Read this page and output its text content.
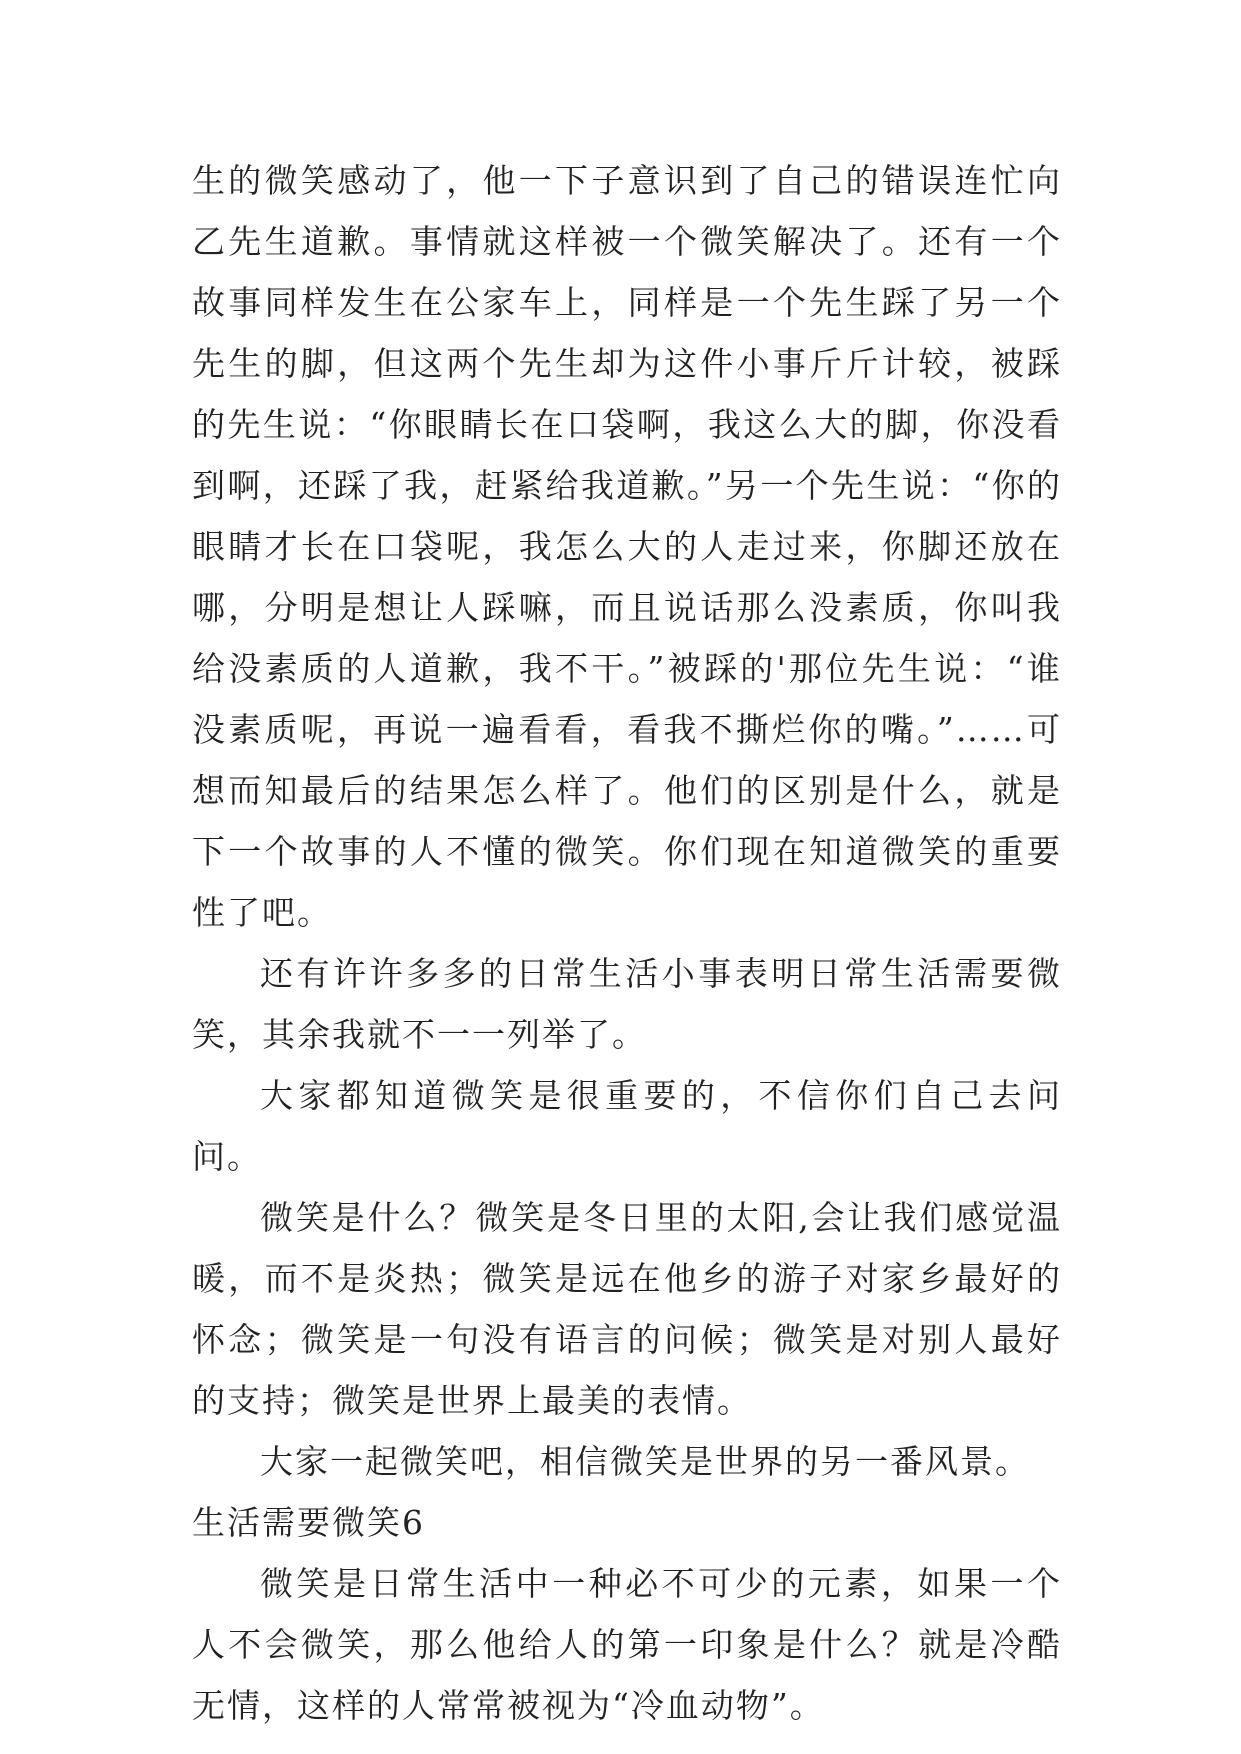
生的微笑感动了，他一下子意识到了自己的错误连忙向乙先生道歉。事情就这样被一个微笑解决了。还有一个故事同样发生在公家车上，同样是一个先生踩了另一个先生的脚，但这两个先生却为这件小事斤斤计较，被踩的先生说：“你眼睛长在口袋啊，我这么大的脚，你没看到啊，还踩了我，赶紧给我道歉。”另一个先生说：“你的眼睛才长在口袋呢，我怎么大的人走过来，你脚还放在哪，分明是想让人踩嘛，而且说话那么没素质，你叫我给没素质的人道歉，我不干。”被踩的'那位先生说：“谁没素质呢，再说一遍看看，看我不撕烂你的嘴。”……可想而知最后的结果怎么样了。他们的区别是什么，就是下一个故事的人不懂的微笑。你们现在知道微笑的重要性了吧。

还有许许多多的日常生活小事表明日常生活需要微笑，其余我就不一一列举了。

大家都知道微笑是很重要的，不信你们自己去问问。

微笑是什么？微笑是冬日里的太阳,会让我们感觉温暖，而不是炎热；微笑是远在他乡的游子对家乡最好的怀念；微笑是一句没有语言的问候；微笑是对别人最好的支持；微笑是世界上最美的表情。

大家一起微笑吧，相信微笑是世界的另一番风景。

生活需要微笑6

微笑是日常生活中一种必不可少的元素，如果一个人不会微笑，那么他给人的第一印象是什么？就是冷酷无情，这样的人常常被视为“冷血动物”。
